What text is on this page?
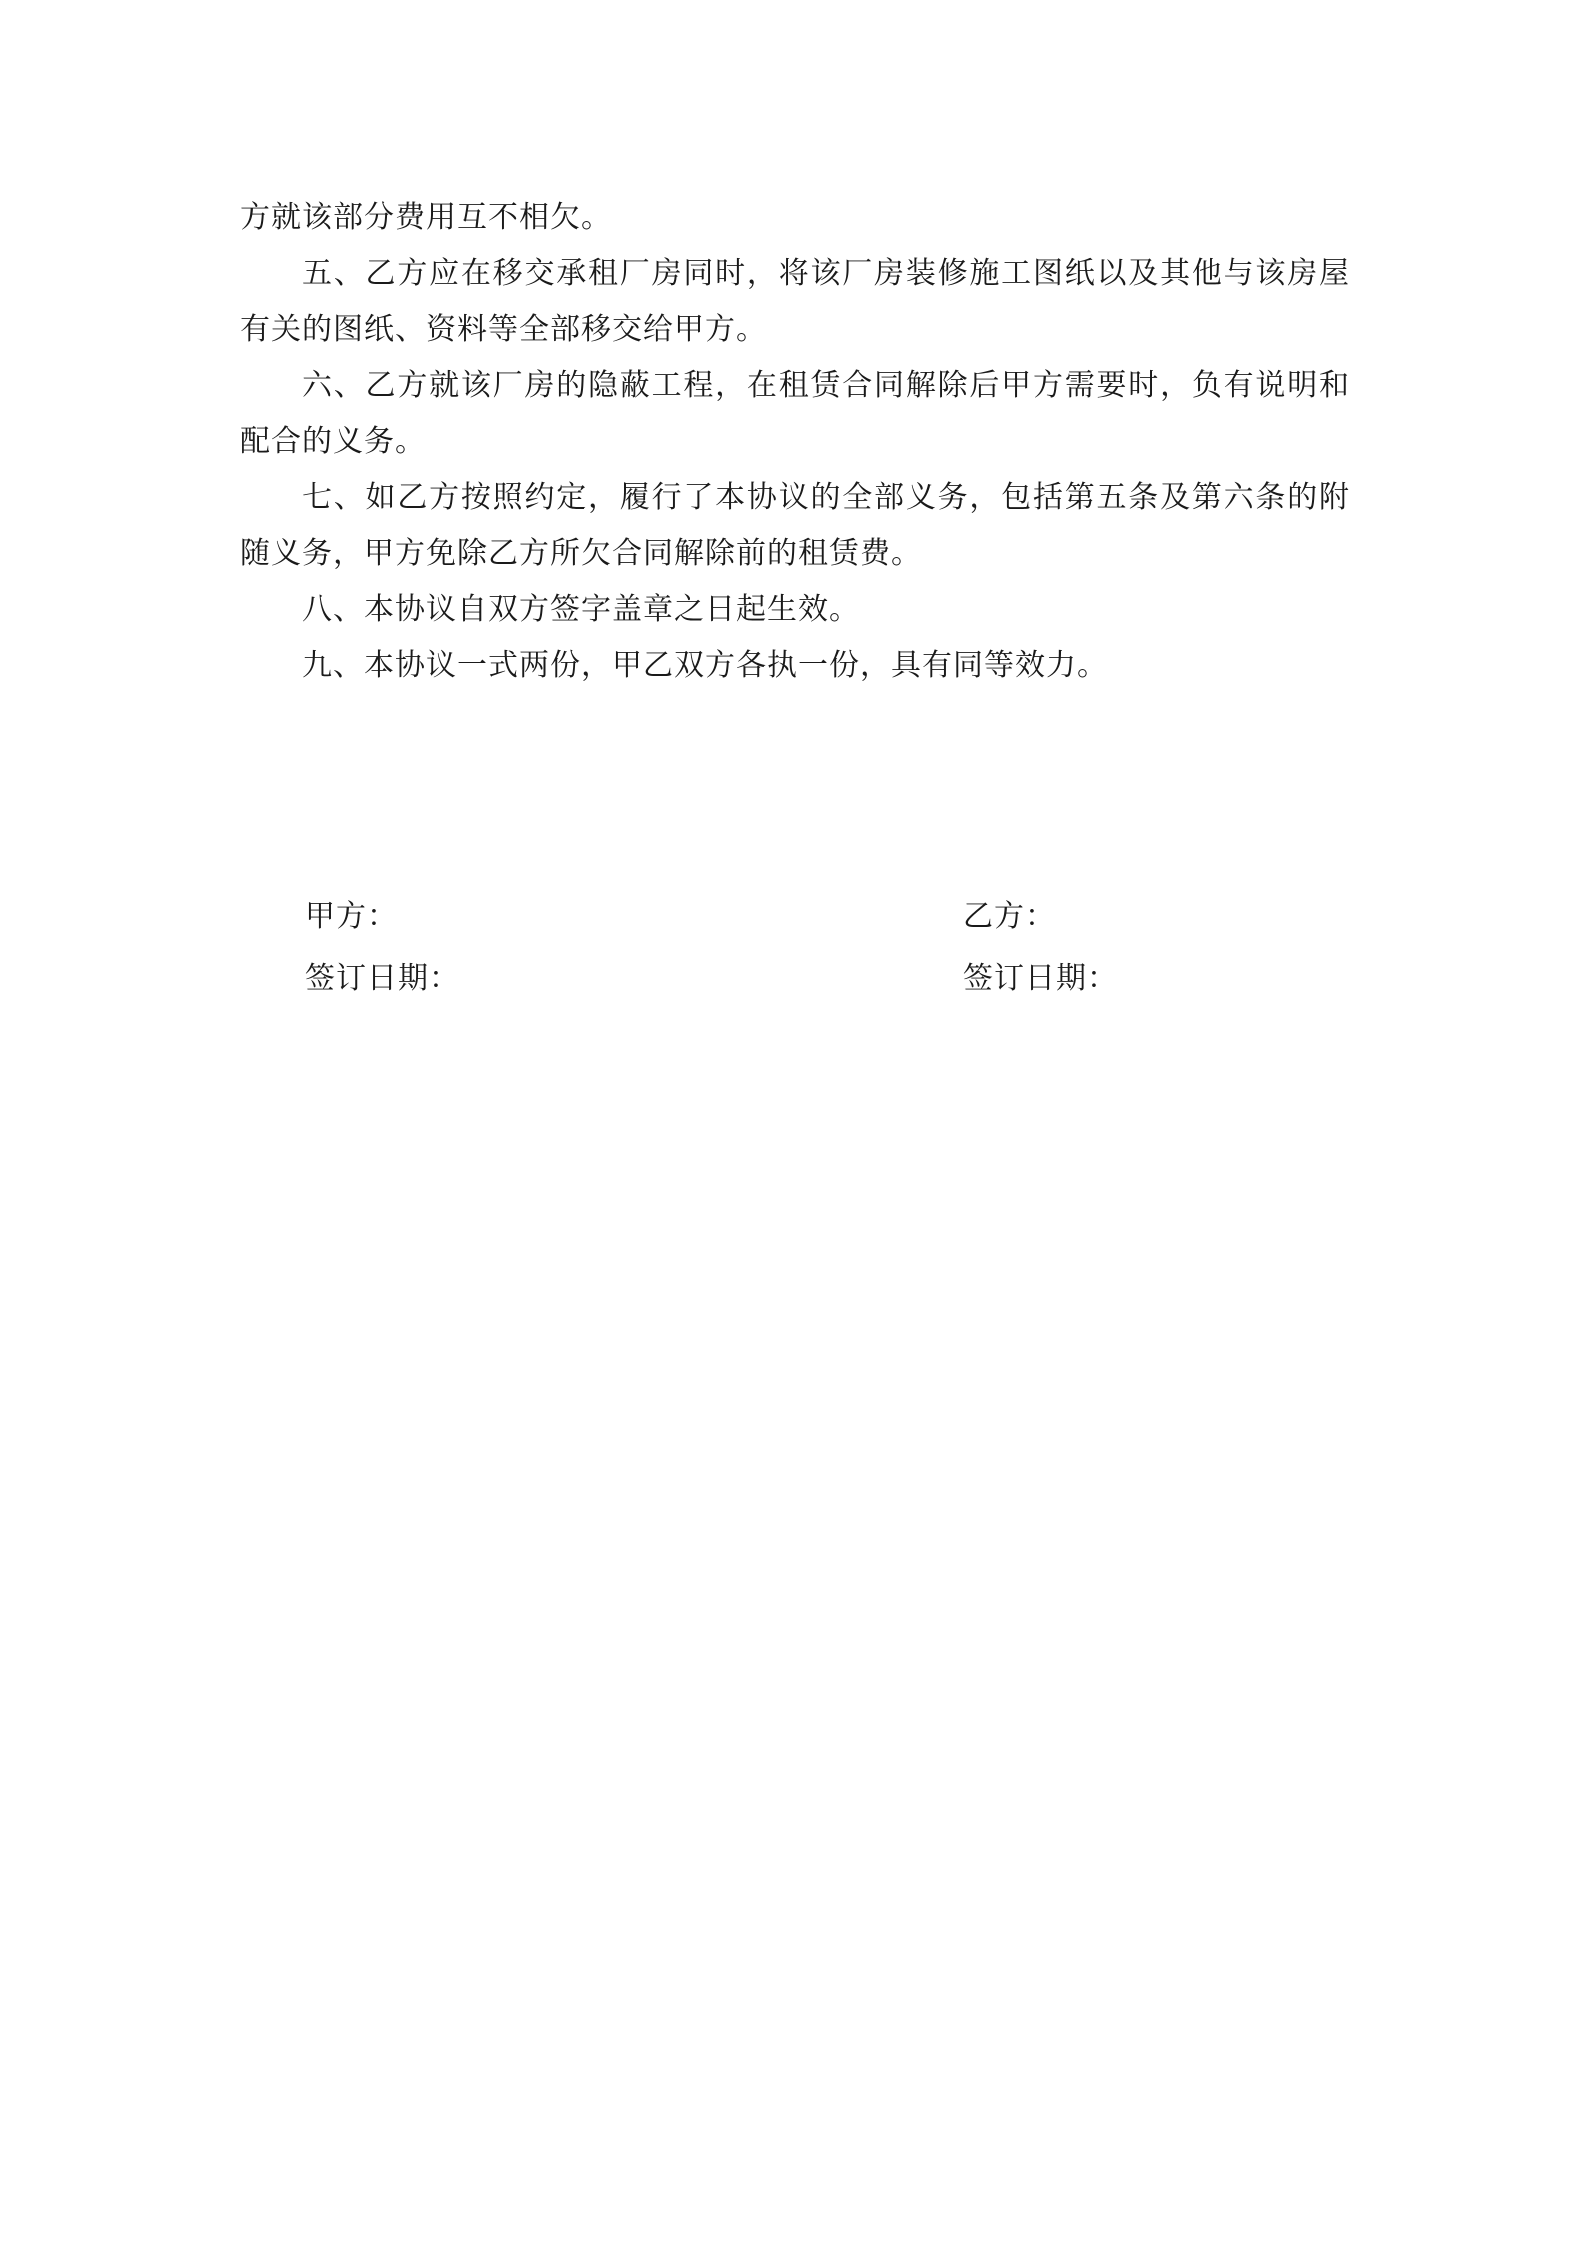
方就该部分费用互不相欠。

五、乙方应在移交承租厂房同时，将该厂房装修施工图纸以及其他与该房屋有关的图纸、资料等全部移交给甲方。

六、乙方就该厂房的隐蔽工程，在租赁合同解除后甲方需要时，负有说明和配合的义务。

七、如乙方按照约定，履行了本协议的全部义务，包括第五条及第六条的附随义务，甲方免除乙方所欠合同解除前的租赁费。

八、本协议自双方签字盖章之日起生效。

九、本协议一式两份，甲乙双方各执一份，具有同等效力。

甲方：	乙方：
签订日期：	签订日期：
